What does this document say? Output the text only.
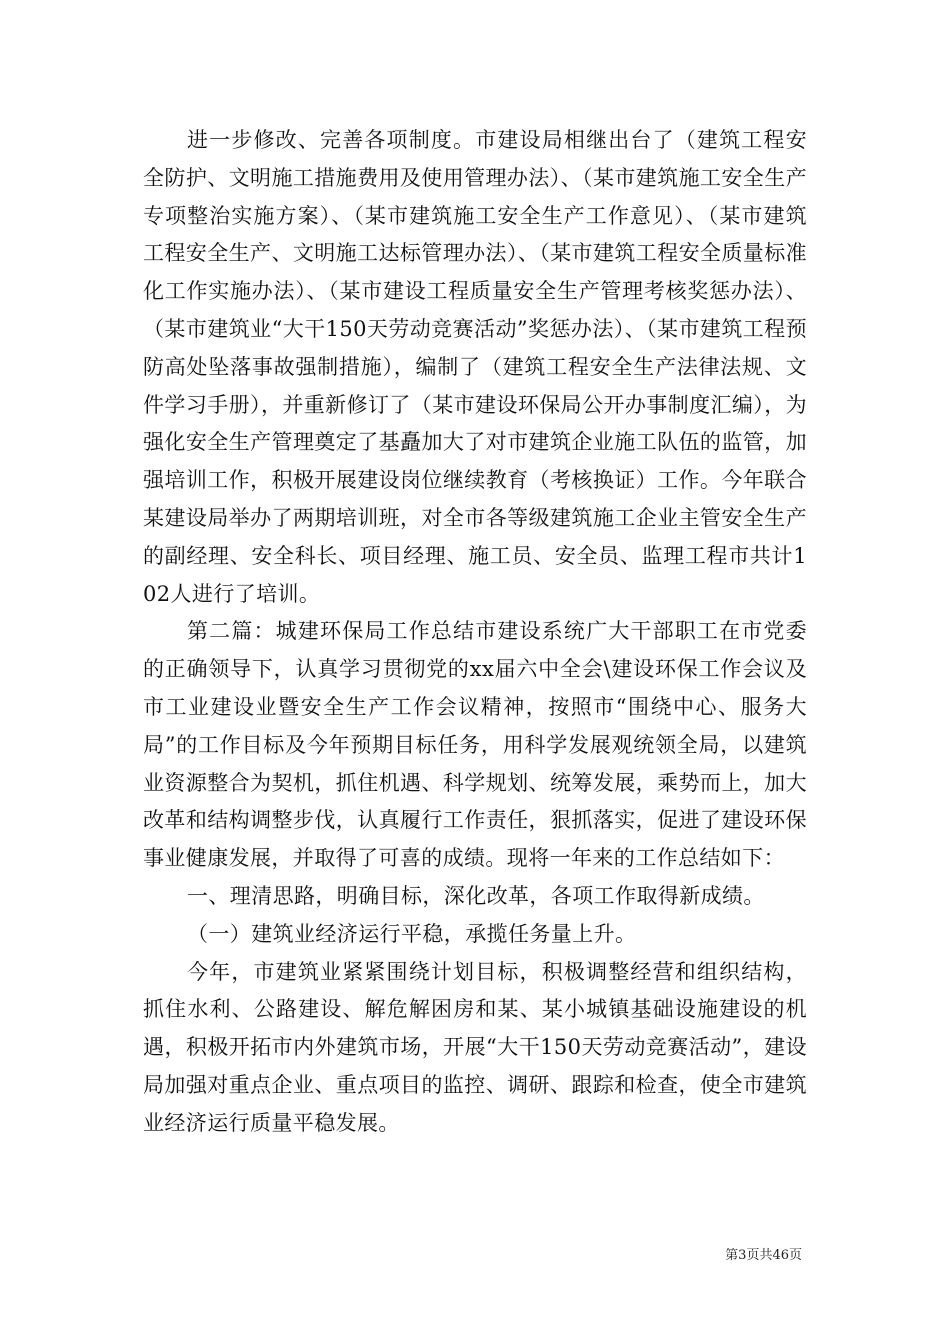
进一步修改、完善各项制度。市建设局相继出台了（建筑工程安全防护、文明施工措施费用及使用管理办法）、（某市建筑施工安全生产专项整治实施方案）、（某市建筑施工安全生产工作意见）、（某市建筑工程安全生产、文明施工达标管理办法）、（某市建筑工程安全质量标准化工作实施办法）、（某市建设工程质量安全生产管理考核奖惩办法）、（某市建筑业“大干150天劳动竞赛活动”奖惩办法）、（某市建筑工程预防高处坠落事故强制措施），编制了（建筑工程安全生产法律法规、文件学习手册），并重新修订了（某市建设环保局公开办事制度汇编），为强化安全生产管理奠定了基矗加大了对市建筑企业施工队伍的监管，加强培训工作，积极开展建设岗位继续教育（考核换证）工作。今年联合某建设局举办了两期培训班，对全市各等级建筑施工企业主管安全生产的副经理、安全科长、项目经理、施工员、安全员、监理工程市共计102人进行了培训。

第二篇：城建环保局工作总结市建设系统广大干部职工在市党委的正确领导下，认真学习贯彻党的xx届六中全会\建设环保工作会议及市工业建设业暨安全生产工作会议精神，按照市“围绕中心、服务大局”的工作目标及今年预期目标任务，用科学发展观统领全局，以建筑业资源整合为契机，抓住机遇、科学规划、统筹发展，乘势而上，加大改革和结构调整步伐，认真履行工作责任，狠抓落实，促进了建设环保事业健康发展，并取得了可喜的成绩。现将一年来的工作总结如下：

一、理清思路，明确目标，深化改革，各项工作取得新成绩。

（一）建筑业经济运行平稳，承揽任务量上升。

今年，市建筑业紧紧围绕计划目标，积极调整经营和组织结构，抓住水利、公路建设、解危解困房和某、某小城镇基础设施建设的机遇，积极开拓市内外建筑市场，开展“大干150天劳动竞赛活动”，建设局加强对重点企业、重点项目的监控、调研、跟踪和检查，使全市建筑业经济运行质量平稳发展。

第3页共46页
